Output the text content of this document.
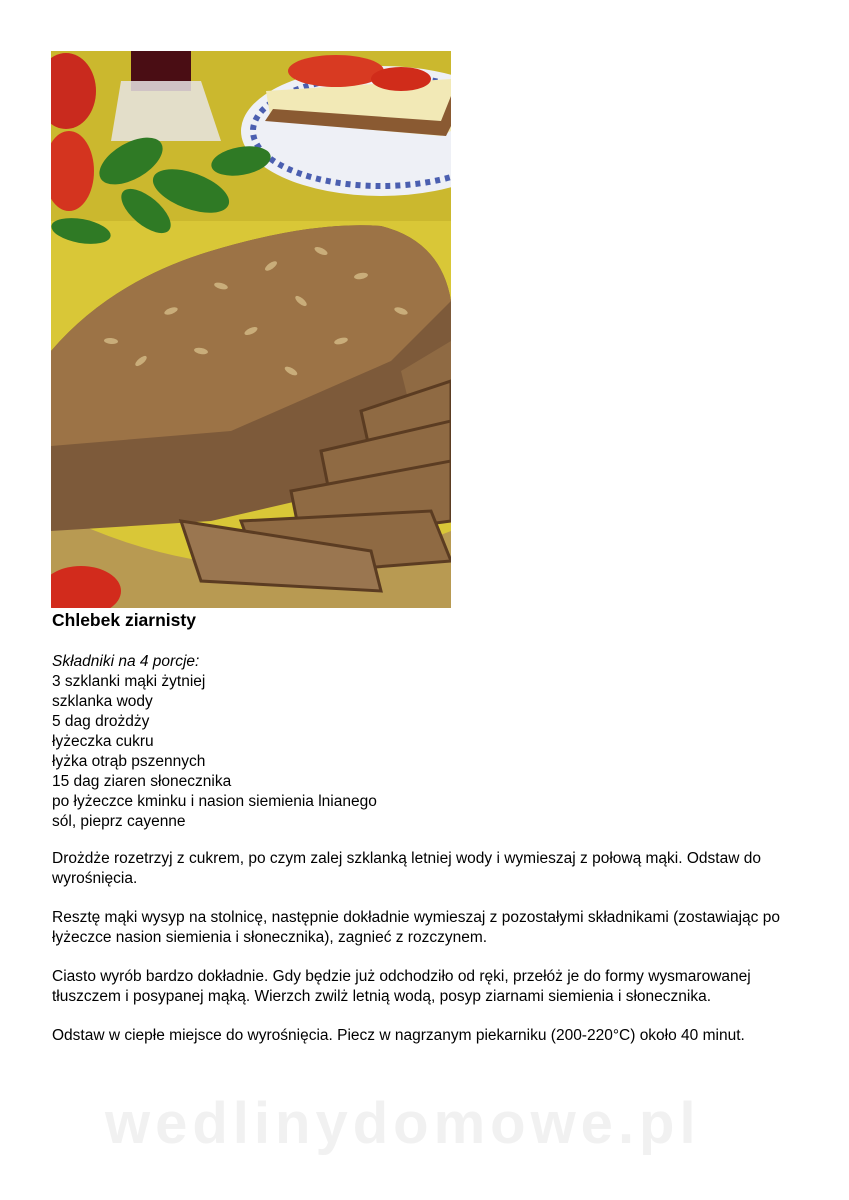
Chlebek ziarnisty
Składniki na 4 porcje:
3 szklanki mąki żytniej
szklanka wody
5 dag drożdży
łyżeczka cukru
łyżka otrąb pszennych
15 dag ziaren słonecznika
po łyżeczce kminku i nasion siemienia lnianego
sól, pieprz cayenne

Drożdże rozetrzyj z cukrem, po czym zalej szklanką letniej wody i wymieszaj z połową mąki. Odstaw do wyrośnięcia.

Resztę mąki wysyp na stolnicę, następnie dokładnie wymieszaj z pozostałymi składnikami (zostawiając po łyżeczce nasion siemienia i słonecznika), zagnieć z rozczynem.

Ciasto wyrób bardzo dokładnie. Gdy będzie już odchodziło od ręki, przełóż je do formy wysmarowanej tłuszczem i posypanej mąką. Wierzch zwilż letnią wodą, posyp ziarnami siemienia i słonecznika.

Odstaw w ciepłe miejsce do wyrośnięcia. Piecz w nagrzanym piekarniku (200-220°C) około 40 minut.

wedlinydomowe.pl
